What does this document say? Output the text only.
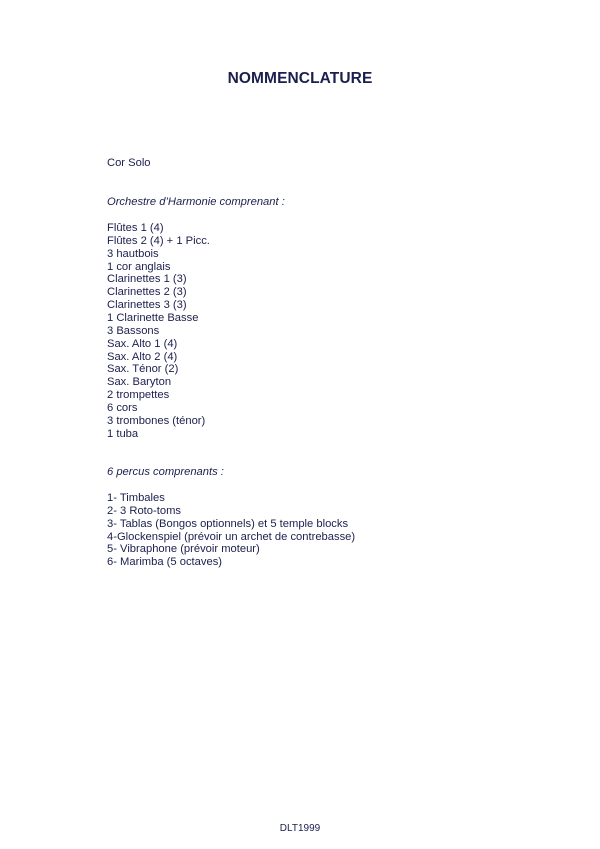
NOMMENCLATURE
Cor Solo
Orchestre d’Harmonie comprenant :
Flûtes 1 (4)
Flûtes 2 (4) + 1 Picc.
3 hautbois
1 cor anglais
Clarinettes 1 (3)
Clarinettes 2 (3)
Clarinettes 3 (3)
1 Clarinette Basse
3 Bassons
Sax. Alto 1 (4)
Sax. Alto 2 (4)
Sax. Ténor (2)
Sax. Baryton
2 trompettes
6 cors
3 trombones (ténor)
1 tuba
6 percus comprenants :
1- Timbales
2- 3 Roto-toms
3- Tablas (Bongos optionnels) et 5 temple blocks
4-Glockenspiel (prévoir un archet de contrebasse)
5- Vibraphone (prévoir moteur)
6- Marimba (5 octaves)
DLT1999
